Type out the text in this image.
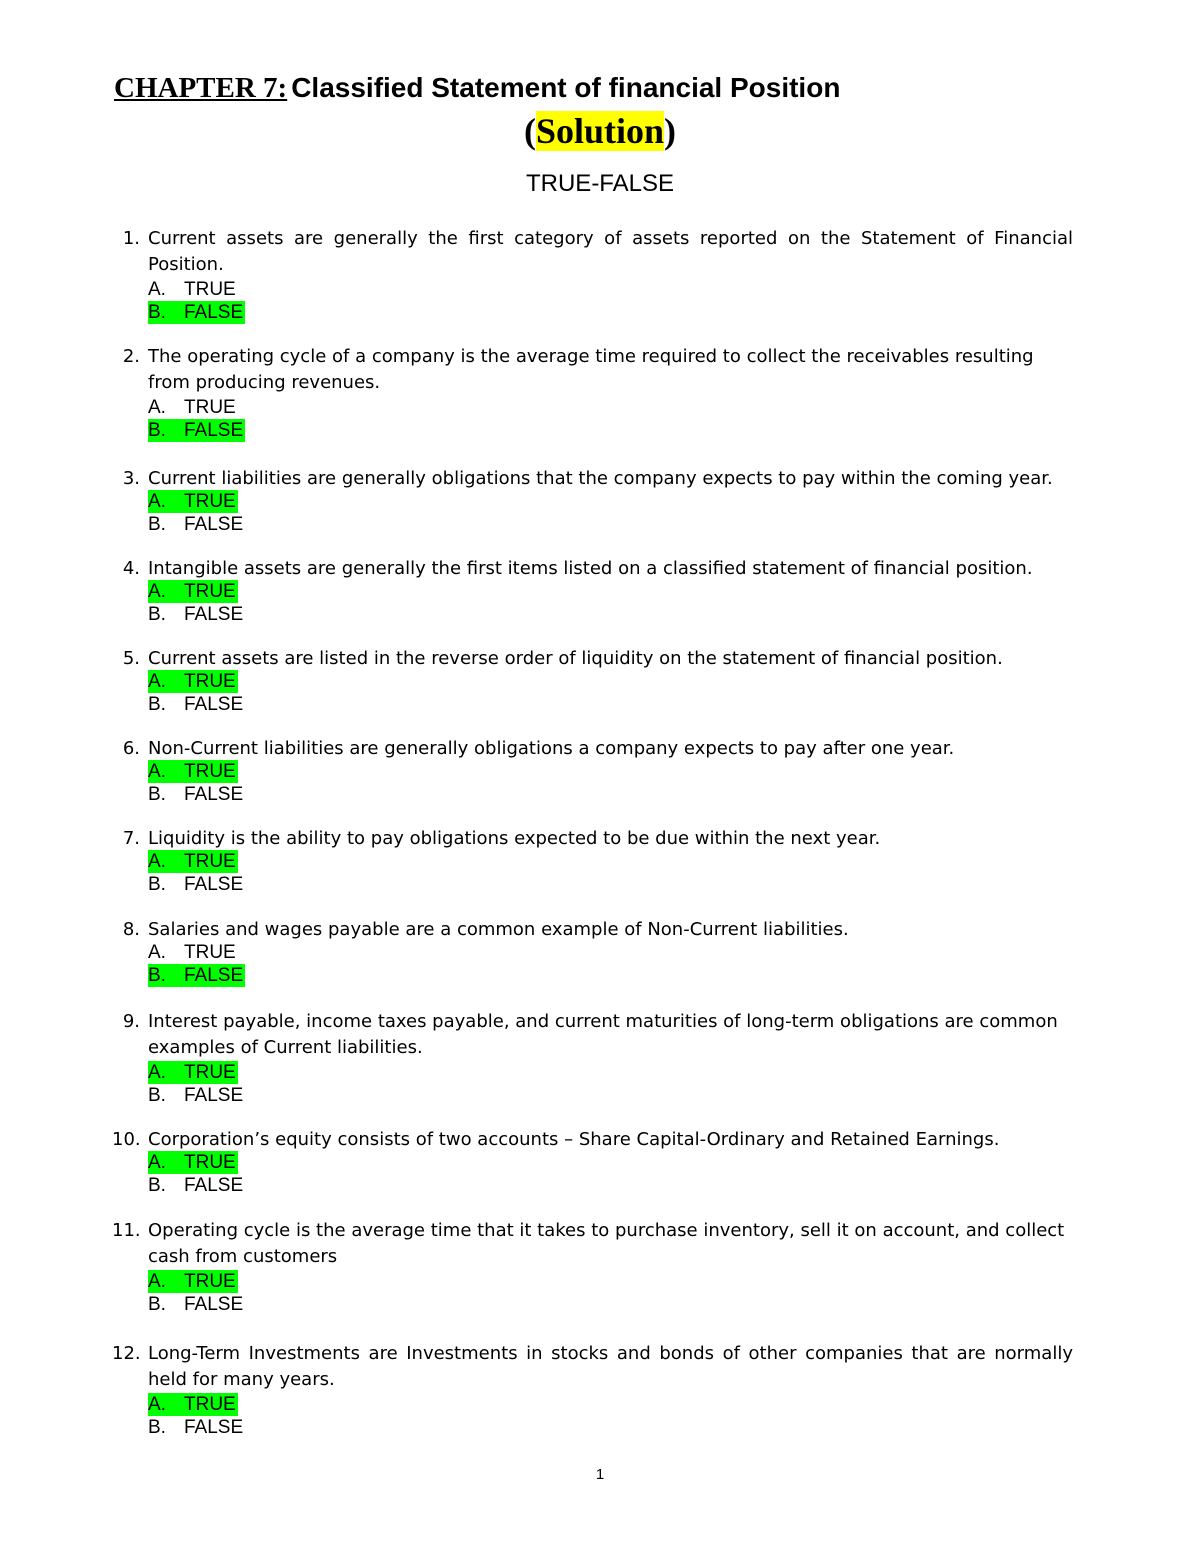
CHAPTER 7: Classified Statement of financial Position
(Solution)
TRUE-FALSE
1. Current assets are generally the first category of assets reported on the Statement of Financial Position.
A. TRUE
B. FALSE
2. The operating cycle of a company is the average time required to collect the receivables resulting from producing revenues.
A. TRUE
B. FALSE
3. Current liabilities are generally obligations that the company expects to pay within the coming year.
A. TRUE
B. FALSE
4. Intangible assets are generally the first items listed on a classified statement of financial position.
A. TRUE
B. FALSE
5. Current assets are listed in the reverse order of liquidity on the statement of financial position.
A. TRUE
B. FALSE
6. Non-Current liabilities are generally obligations a company expects to pay after one year.
A. TRUE
B. FALSE
7. Liquidity is the ability to pay obligations expected to be due within the next year.
A. TRUE
B. FALSE
8. Salaries and wages payable are a common example of Non-Current liabilities.
A. TRUE
B. FALSE
9. Interest payable, income taxes payable, and current maturities of long-term obligations are common examples of Current liabilities.
A. TRUE
B. FALSE
10. Corporation’s equity consists of two accounts – Share Capital-Ordinary and Retained Earnings.
A. TRUE
B. FALSE
11. Operating cycle is the average time that it takes to purchase inventory, sell it on account, and collect cash from customers
A. TRUE
B. FALSE
12. Long-Term Investments are Investments in stocks and bonds of other companies that are normally held for many years.
A. TRUE
B. FALSE
1
